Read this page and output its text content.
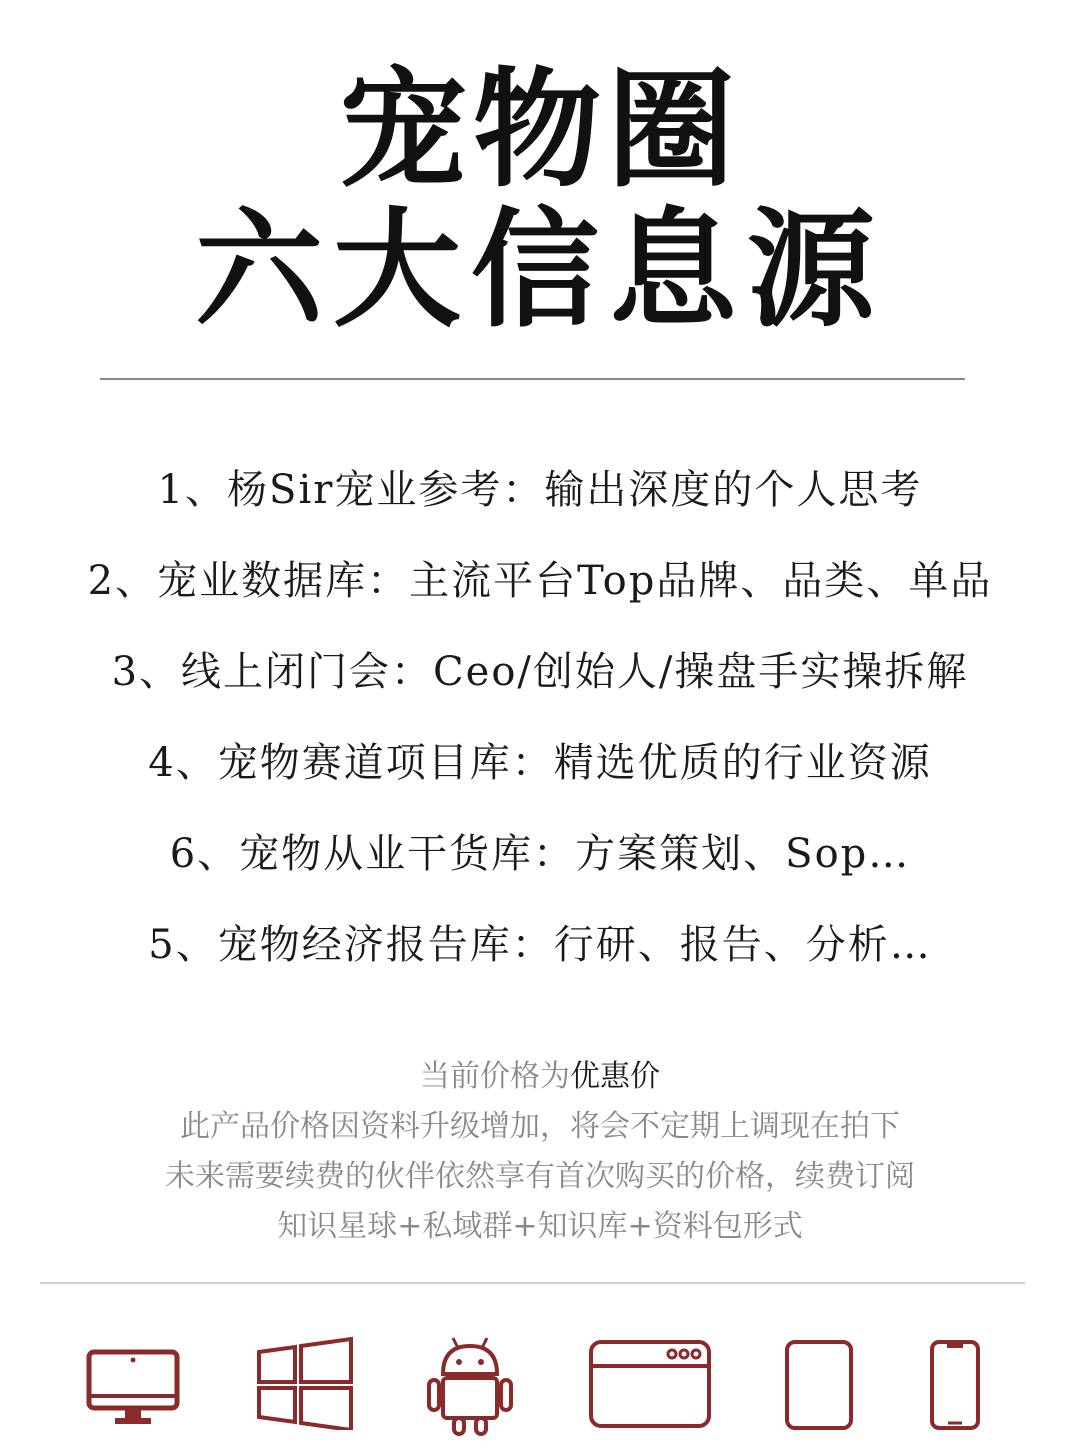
宠物圈
六大信息源
1、杨Sir宠业参考：输出深度的个人思考
2、宠业数据库：主流平台Top品牌、品类、单品
3、线上闭门会：Ceo/创始人/操盘手实操拆解
4、宠物赛道项目库：精选优质的行业资源
6、宠物从业干货库：方案策划、Sop…
5、宠物经济报告库：行研、报告、分析…
当前价格为优惠价
此产品价格因资料升级增加，将会不定期上调现在拍下
未来需要续费的伙伴依然享有首次购买的价格，续费订阅
知识星球+私域群+知识库+资料包形式
